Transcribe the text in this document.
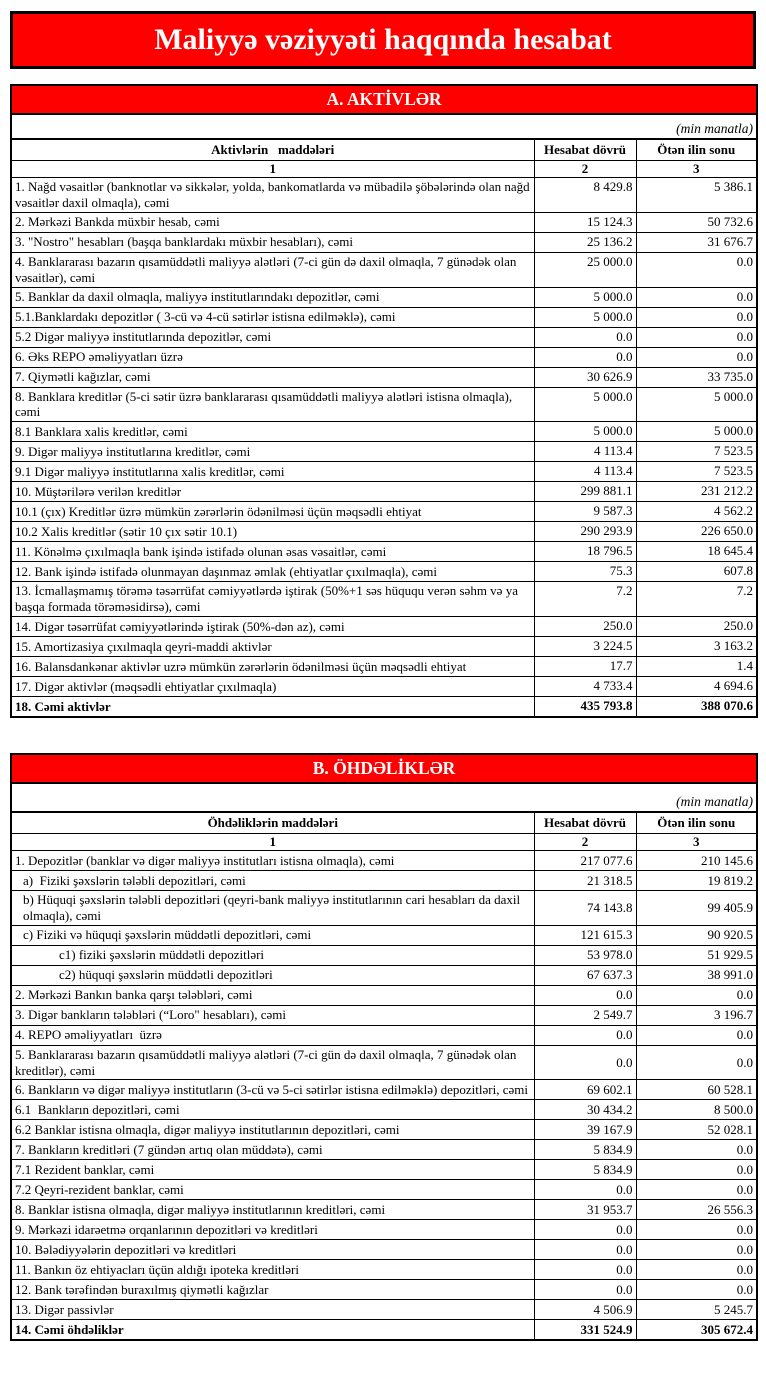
Maliyyə vəziyyəti haqqında hesabat
A. AKTİVLƏR		
(min manatla)		
Aktivlərin   maddələri	Hesabat dövrü	Ötən ilin sonu
1	2	3
1. Nağd vəsaitlər (banknotlar və sikkələr, yolda, bankomatlarda və mübadilə şöbələrində olan nağd vəsaitlər daxil olmaqla), cəmi	8 429.8	5 386.1
2. Mərkəzi Bankda müxbir hesab, cəmi	15 124.3	50 732.6
3. "Nostro" hesabları (başqa banklardakı müxbir hesabları), cəmi	25 136.2	31 676.7
4. Banklararası bazarın qısamüddətli maliyyə alətləri (7-ci gün də daxil olmaqla, 7 günədək olan vəsaitlər), cəmi	25 000.0	0.0
5. Banklar da daxil olmaqla, maliyyə institutlarındakı depozitlər, cəmi	5 000.0	0.0
5.1.Banklardakı depozitlər ( 3-cü və 4-cü sətirlər istisna edilməklə), cəmi	5 000.0	0.0
5.2 Digər maliyyə institutlarında depozitlər, cəmi	0.0	0.0
6. Əks REPO əməliyyatları üzrə	0.0	0.0
7. Qiymətli kağızlar, cəmi	30 626.9	33 735.0
8. Banklara kreditlər (5-ci sətir üzrə banklararası qısamüddətli maliyyə alətləri istisna olmaqla), cəmi	5 000.0	5 000.0
8.1 Banklara xalis kreditlər, cəmi	5 000.0	5 000.0
9. Digər maliyyə institutlarına kreditlər, cəmi	4 113.4	7 523.5
9.1 Digər maliyyə institutlarına xalis kreditlər, cəmi	4 113.4	7 523.5
10. Müştərilərə verilən kreditlər	299 881.1	231 212.2
10.1 (çıx) Kreditlər üzrə mümkün zərərlərin ödənilməsi üçün məqsədli ehtiyat	9 587.3	4 562.2
10.2 Xalis kreditlər (sətir 10 çıx sətir 10.1)	290 293.9	226 650.0
11. Könəlmə çıxılmaqla bank işində istifadə olunan əsas vəsaitlər, cəmi	18 796.5	18 645.4
12. Bank işində istifadə olunmayan daşınmaz əmlak (ehtiyatlar çıxılmaqla), cəmi	75.3	607.8
13. İcmallaşmamış törəmə təsərrüfat cəmiyyətlərdə iştirak (50%+1 səs hüququ verən səhm və ya başqa formada törəməsidirsə), cəmi	7.2	7.2
14. Digər təsərrüfat cəmiyyətlərində iştirak (50%-dən az), cəmi	250.0	250.0
15. Amortizasiya çıxılmaqla qeyri-maddi aktivlər	3 224.5	3 163.2
16. Balansdankənar aktivlər uzrə mümkün zərərlərin ödənilməsi üçün məqsədli ehtiyat	17.7	1.4
17. Digər aktivlər (məqsədli ehtiyatlar çıxılmaqla)	4 733.4	4 694.6
18. Cəmi aktivlər	435 793.8	388 070.6
B. ÖHDƏLİKLƏR		
(min manatla)		
Öhdəliklərin maddələri	Hesabat dövrü	Ötən ilin sonu
1	2	3
1. Depozitlər (banklar və digər maliyyə institutları istisna olmaqla), cəmi	217 077.6	210 145.6
a)  Fiziki şəxslərin tələbli depozitləri, cəmi	21 318.5	19 819.2
b) Hüquqi şəxslərin tələbli depozitləri (qeyri-bank maliyyə institutlarının cari hesabları da daxil olmaqla), cəmi	74 143.8	99 405.9
c) Fiziki və hüquqi şəxslərin müddətli depozitləri, cəmi	121 615.3	90 920.5
c1) fiziki şəxslərin müddətli depozitləri	53 978.0	51 929.5
c2) hüquqi şəxslərin müddətli depozitləri	67 637.3	38 991.0
2. Mərkəzi Bankın banka qarşı tələbləri, cəmi	0.0	0.0
3. Digər bankların tələbləri (“Loro" hesabları), cəmi	2 549.7	3 196.7
4. REPO əməliyyatları  üzrə	0.0	0.0
5. Banklararası bazarın qısamüddətli maliyyə alətləri (7-ci gün də daxil olmaqla, 7 günədək olan kreditlər), cəmi	0.0	0.0
6. Bankların və digər maliyyə institutların (3-cü və 5-ci sətirlər istisna edilməklə) depozitləri, cəmi	69 602.1	60 528.1
6.1  Bankların depozitləri, cəmi	30 434.2	8 500.0
6.2 Banklar istisna olmaqla, digər maliyyə institutlarının depozitləri, cəmi	39 167.9	52 028.1
7. Bankların kreditləri (7 gündən artıq olan müddətə), cəmi	5 834.9	0.0
7.1 Rezident banklar, cəmi	5 834.9	0.0
7.2 Qeyri-rezident banklar, cəmi	0.0	0.0
8. Banklar istisna olmaqla, digər maliyyə institutlarının kreditləri, cəmi	31 953.7	26 556.3
9. Mərkəzi idarəetmə orqanlarının depozitləri və kreditləri	0.0	0.0
10. Bələdiyyələrin depozitləri və kreditləri	0.0	0.0
11. Bankın öz ehtiyacları üçün aldığı ipoteka kreditləri	0.0	0.0
12. Bank tərəfindən buraxılmış qiymətli kağızlar	0.0	0.0
13. Digər passivlər	4 506.9	5 245.7
14. Cəmi öhdəliklər	331 524.9	305 672.4
